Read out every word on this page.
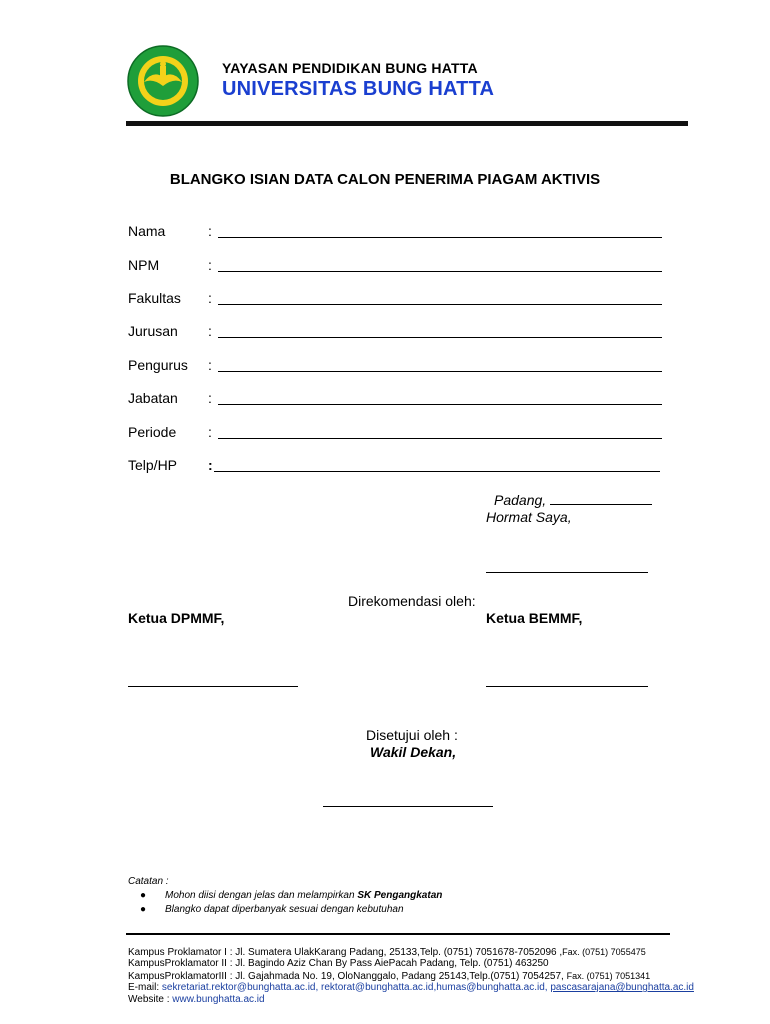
YAYASAN PENDIDIKAN BUNG HATTA
UNIVERSITAS BUNG HATTA
BLANGKO ISIAN DATA CALON PENERIMA PIAGAM AKTIVIS
Nama	:
NPM	:
Fakultas :
Jurusan :
Pengurus :
Jabatan :
Periode :
Telp/HP :
Padang,
Hormat Saya,
Direkomendasi oleh:
Ketua DPMMF,	Ketua BEMMF,
Disetujui oleh :
Wakil Dekan,
Catatan :
● Mohon diisi dengan jelas dan melampirkan SK Pengangkatan
● Blangko dapat diperbanyak sesuai dengan kebutuhan
Kampus Proklamator I : Jl. Sumatera UlakKarang Padang, 25133,Telp. (0751) 7051678-7052096 ,Fax. (0751) 7055475
KampusProklamator II : Jl. Bagindo Aziz Chan By Pass AiePacah Padang, Telp. (0751) 463250
KampusProklamatorIII : Jl. Gajahmada No. 19, OloNanggalo, Padang 25143,Telp.(0751) 7054257, Fax. (0751) 7051341
E-mail: sekretariat.rektor@bunghatta.ac.id, rektorat@bunghatta.ac.id,humas@bunghatta.ac.id, pascasarajana@bunghatta.ac.id
Website : www.bunghatta.ac.id
